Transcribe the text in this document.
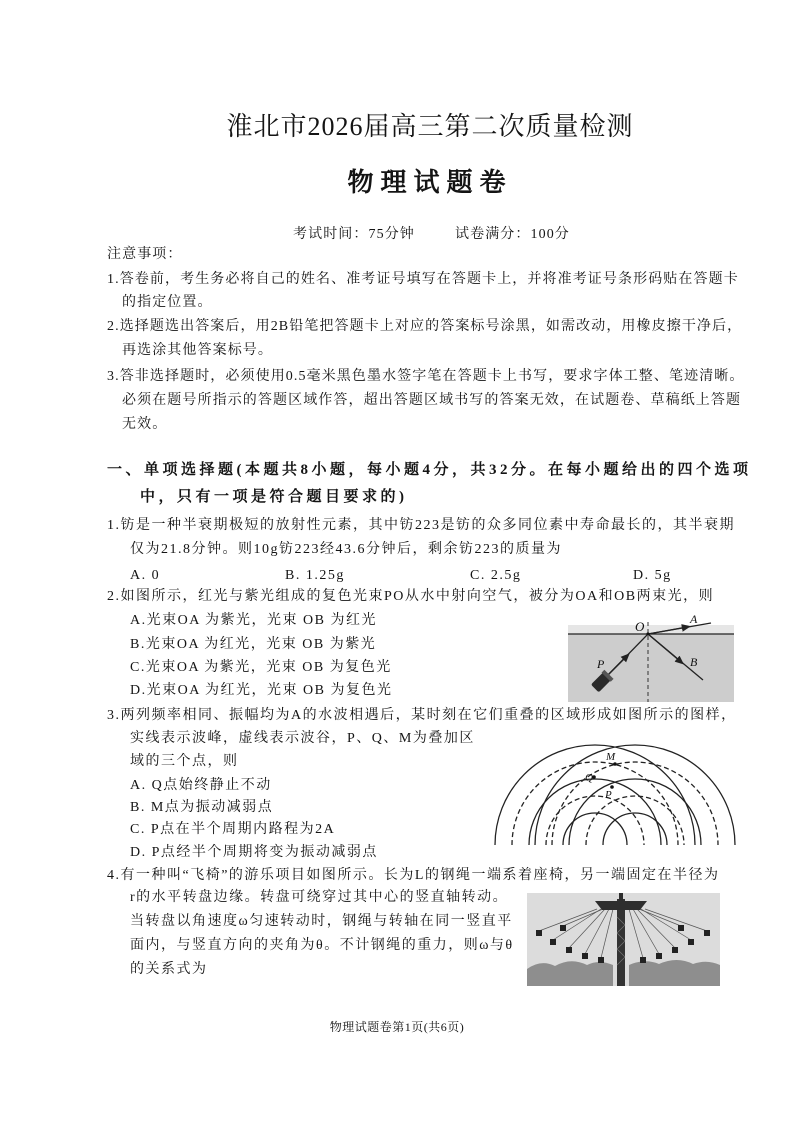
淮北市2026届高三第二次质量检测
物理试题卷
考试时间：75分钟	试卷满分：100分
注意事项：
1.答卷前，考生务必将自己的姓名、准考证号填写在答题卡上，并将准考证号条形码贴在答题卡
的指定位置。
2.选择题选出答案后，用2B铅笔把答题卡上对应的答案标号涂黑，如需改动，用橡皮擦干净后，
再选涂其他答案标号。
3.答非选择题时，必须使用0.5毫米黑色墨水签字笔在答题卡上书写，要求字体工整、笔迹清晰。
必须在题号所指示的答题区域作答，超出答题区域书写的答案无效，在试题卷、草稿纸上答题
无效。
一、单项选择题(本题共8小题，每小题4分，共32分。在每小题给出的四个选项
中，只有一项是符合题目要求的)
1.钫是一种半衰期极短的放射性元素，其中钫223是钫的众多同位素中寿命最长的，其半衰期
仅为21.8分钟。则10g钫223经43.6分钟后，剩余钫223的质量为
A. 0	B. 1.25g	C. 2.5g	D. 5g
2.如图所示，红光与紫光组成的复色光束PO从水中射向空气，被分为OA和OB两束光，则
A.光束OA 为紫光，光束 OB 为红光
B.光束OA 为红光，光束 OB 为紫光
C.光束OA 为紫光，光束 OB 为复色光
D.光束OA 为红光，光束 OB 为复色光
O	A
B
P
3.两列频率相同、振幅均为A的水波相遇后，某时刻在它们重叠的区域形成如图所示的图样，
实线表示波峰，虚线表示波谷，P、Q、M为叠加区
域的三个点，则
A. Q点始终静止不动
B. M点为振动减弱点
C. P点在半个周期内路程为2A
D. P点经半个周期将变为振动减弱点
M
Q
P
4.有一种叫“飞椅”的游乐项目如图所示。长为L的钢绳一端系着座椅，另一端固定在半径为
r的水平转盘边缘。转盘可绕穿过其中心的竖直轴转动。
当转盘以角速度ω匀速转动时，钢绳与转轴在同一竖直平
面内，与竖直方向的夹角为θ。不计钢绳的重力，则ω与θ
的关系式为
物理试题卷第1页(共6页)
